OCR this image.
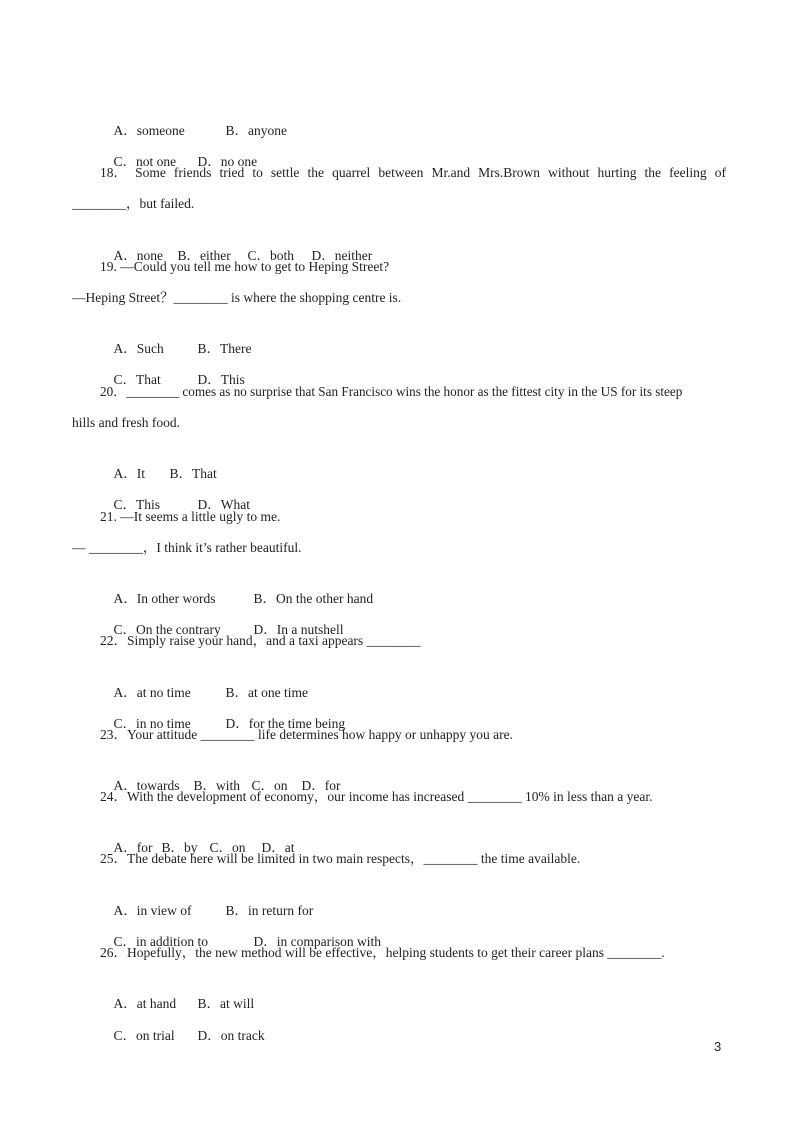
A．someone	B．anyone

C．not one D．no one

18． Some friends tried to settle the quarrel between Mr.and Mrs.Brown without hurting the feeling of
________，but failed.

A．none B．either C．both D．neither

19. —Could you tell me how to get to Heping Street?
—Heping Street？________ is where the shopping centre is.

A．Such	B．There

C．That	D．This

20．________ comes as no surprise that San Francisco wins the honor as the fittest city in the US for its steep
hills and fresh food.

A．It B．That

C．This	D．What

21. —It seems a little ugly to me.
— ________，I think it’s rather beautiful.

A．In other words	B．On the other hand

C．On the contrary D．In a nutshell

22．Simply raise your hand，and a taxi appears ________

A．at no time	B．at one time

C．in no time	D．for the time being

23．Your attitude ________ life determines how happy or unhappy you are.

A．towards B．with C．on D．for

24．With the development of economy，our income has increased ________ 10% in less than a year.

A．for B．by C．on D．at

25．The debate here will be limited in two main respects，________ the time available.

A．in view of	B．in return for

C．in addition to	D．in comparison with

26．Hopefully，the new method will be effective，helping students to get their career plans ________.

A．at hand B．at will

C．on trial D．on track

3
